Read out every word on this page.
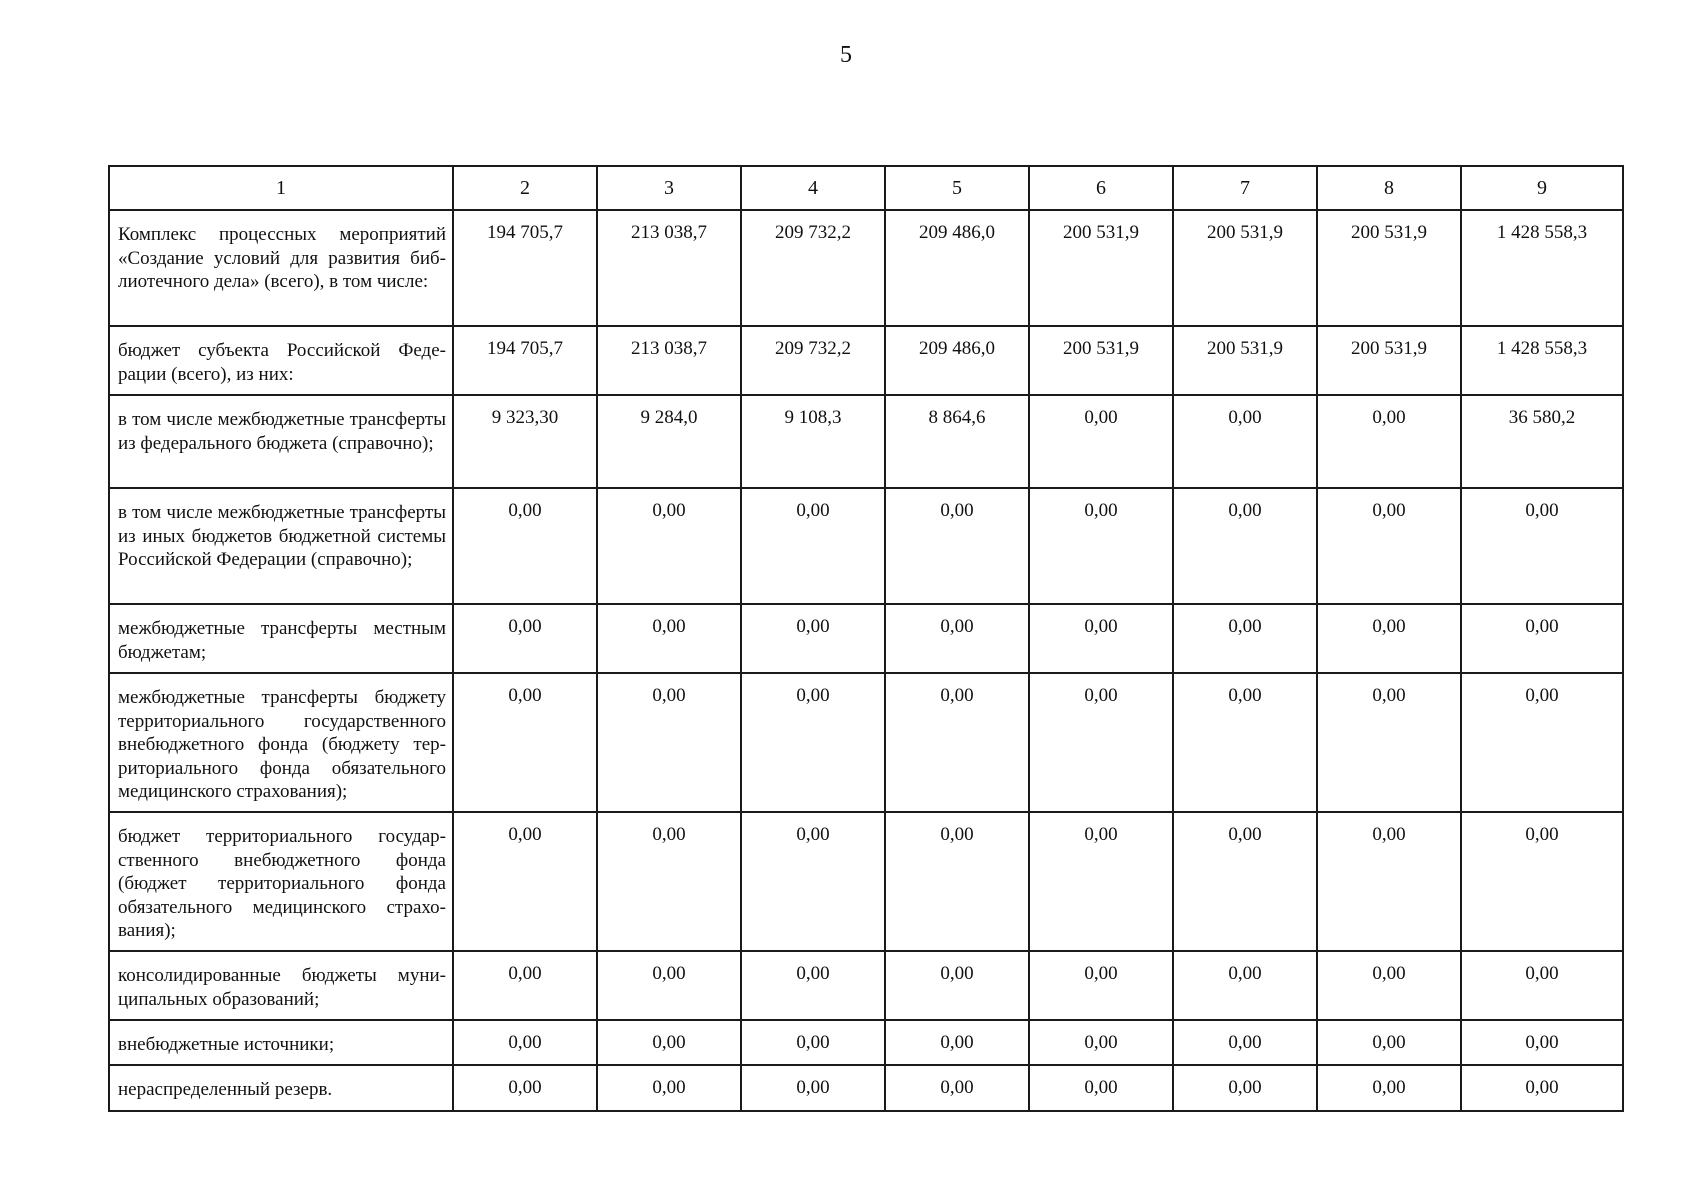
5
1	2	3	4	5	6	7	8	9
Комплекс процессных мероприятий «Создание условий для развития библиотечного дела» (всего), в том числе:	194 705,7	213 038,7	209 732,2	209 486,0	200 531,9	200 531,9	200 531,9	1 428 558,3
бюджет субъекта Российской Федерации (всего), из них:	194 705,7	213 038,7	209 732,2	209 486,0	200 531,9	200 531,9	200 531,9	1 428 558,3
в том числе межбюджетные трансферты из федерального бюджета (справочно);	9 323,30	9 284,0	9 108,3	8 864,6	0,00	0,00	0,00	36 580,2
в том числе межбюджетные трансферты из иных бюджетов бюджетной системы Российской Федерации (справочно);	0,00	0,00	0,00	0,00	0,00	0,00	0,00	0,00
межбюджетные трансферты местным бюджетам;	0,00	0,00	0,00	0,00	0,00	0,00	0,00	0,00
межбюджетные трансферты бюджету территориального государственного внебюджетного фонда (бюджету территориального фонда обязательного медицинского страхования);	0,00	0,00	0,00	0,00	0,00	0,00	0,00	0,00
бюджет территориального государственного внебюджетного фонда (бюджет территориального фонда обязательного медицинского страхования);	0,00	0,00	0,00	0,00	0,00	0,00	0,00	0,00
консолидированные бюджеты муниципальных образований;	0,00	0,00	0,00	0,00	0,00	0,00	0,00	0,00
внебюджетные источники;	0,00	0,00	0,00	0,00	0,00	0,00	0,00	0,00
нераспределенный резерв.	0,00	0,00	0,00	0,00	0,00	0,00	0,00	0,00
